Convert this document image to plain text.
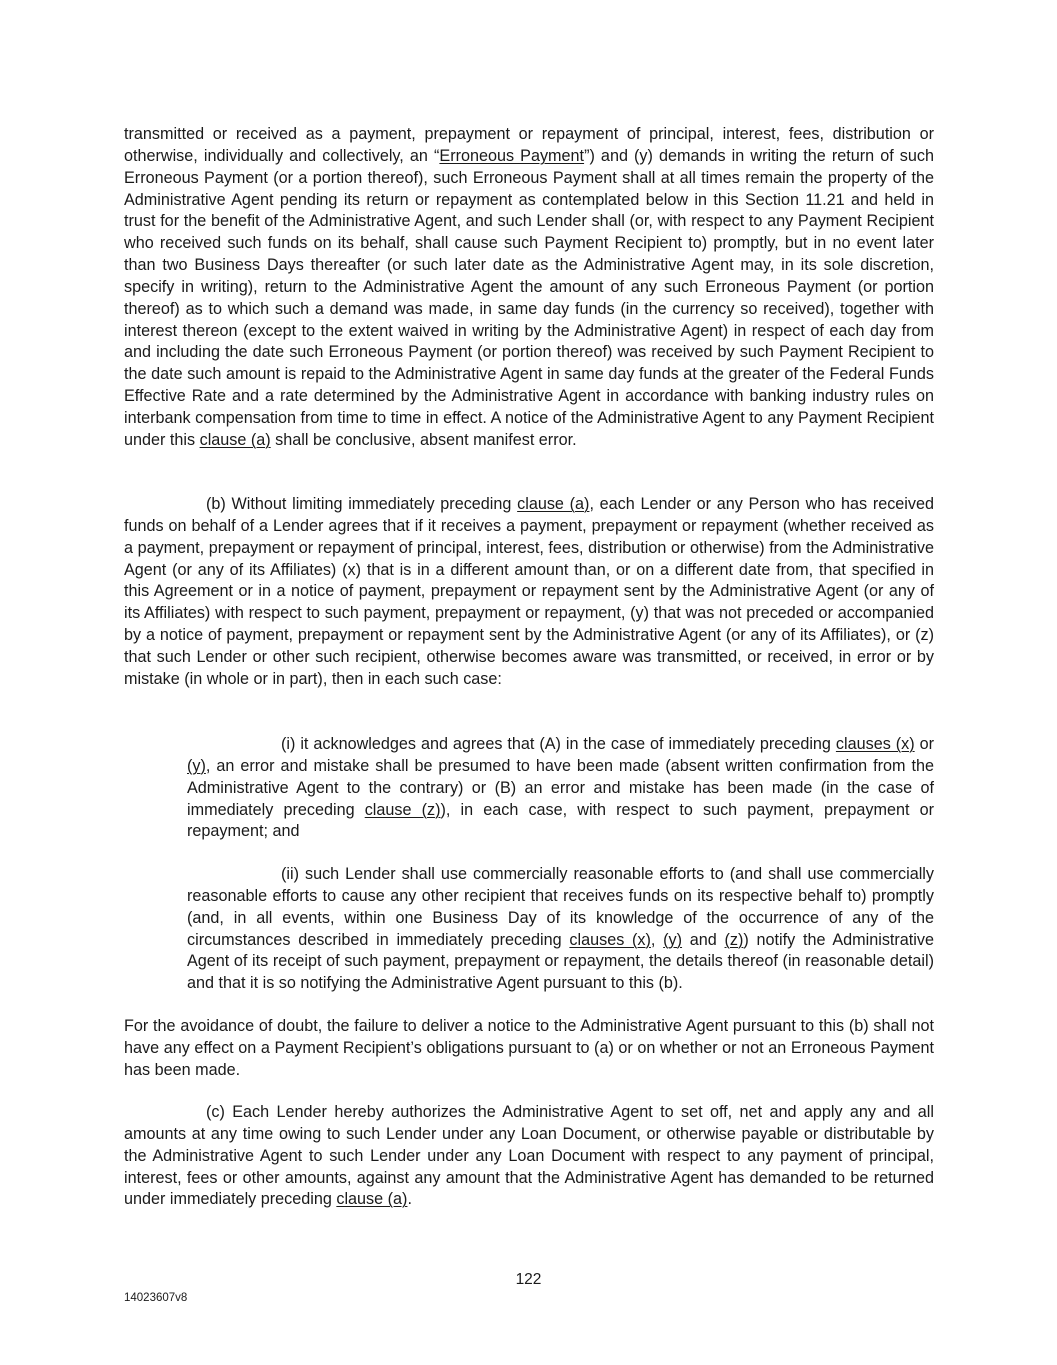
transmitted or received as a payment, prepayment or repayment of principal, interest, fees, distribution or otherwise, individually and collectively, an “Erroneous Payment”) and (y) demands in writing the return of such Erroneous Payment (or a portion thereof), such Erroneous Payment shall at all times remain the property of the Administrative Agent pending its return or repayment as contemplated below in this Section 11.21 and held in trust for the benefit of the Administrative Agent, and such Lender shall (or, with respect to any Payment Recipient who received such funds on its behalf, shall cause such Payment Recipient to) promptly, but in no event later than two Business Days thereafter (or such later date as the Administrative Agent may, in its sole discretion, specify in writing), return to the Administrative Agent the amount of any such Erroneous Payment (or portion thereof) as to which such a demand was made, in same day funds (in the currency so received), together with interest thereon (except to the extent waived in writing by the Administrative Agent) in respect of each day from and including the date such Erroneous Payment (or portion thereof) was received by such Payment Recipient to the date such amount is repaid to the Administrative Agent in same day funds at the greater of the Federal Funds Effective Rate and a rate determined by the Administrative Agent in accordance with banking industry rules on interbank compensation from time to time in effect. A notice of the Administrative Agent to any Payment Recipient under this clause (a) shall be conclusive, absent manifest error.

(b) Without limiting immediately preceding clause (a), each Lender or any Person who has received funds on behalf of a Lender agrees that if it receives a payment, prepayment or repayment (whether received as a payment, prepayment or repayment of principal, interest, fees, distribution or otherwise) from the Administrative Agent (or any of its Affiliates) (x) that is in a different amount than, or on a different date from, that specified in this Agreement or in a notice of payment, prepayment or repayment sent by the Administrative Agent (or any of its Affiliates) with respect to such payment, prepayment or repayment, (y) that was not preceded or accompanied by a notice of payment, prepayment or repayment sent by the Administrative Agent (or any of its Affiliates), or (z) that such Lender or other such recipient, otherwise becomes aware was transmitted, or received, in error or by mistake (in whole or in part), then in each such case:

(i) it acknowledges and agrees that (A) in the case of immediately preceding clauses (x) or (y), an error and mistake shall be presumed to have been made (absent written confirmation from the Administrative Agent to the contrary) or (B) an error and mistake has been made (in the case of immediately preceding clause (z)), in each case, with respect to such payment, prepayment or repayment; and

(ii) such Lender shall use commercially reasonable efforts to (and shall use commercially reasonable efforts to cause any other recipient that receives funds on its respective behalf to) promptly (and, in all events, within one Business Day of its knowledge of the occurrence of any of the circumstances described in immediately preceding clauses (x), (y) and (z)) notify the Administrative Agent of its receipt of such payment, prepayment or repayment, the details thereof (in reasonable detail) and that it is so notifying the Administrative Agent pursuant to this (b).

For the avoidance of doubt, the failure to deliver a notice to the Administrative Agent pursuant to this (b) shall not have any effect on a Payment Recipient’s obligations pursuant to (a) or on whether or not an Erroneous Payment has been made.

(c) Each Lender hereby authorizes the Administrative Agent to set off, net and apply any and all amounts at any time owing to such Lender under any Loan Document, or otherwise payable or distributable by the Administrative Agent to such Lender under any Loan Document with respect to any payment of principal, interest, fees or other amounts, against any amount that the Administrative Agent has demanded to be returned under immediately preceding clause (a).

122
14023607v8
